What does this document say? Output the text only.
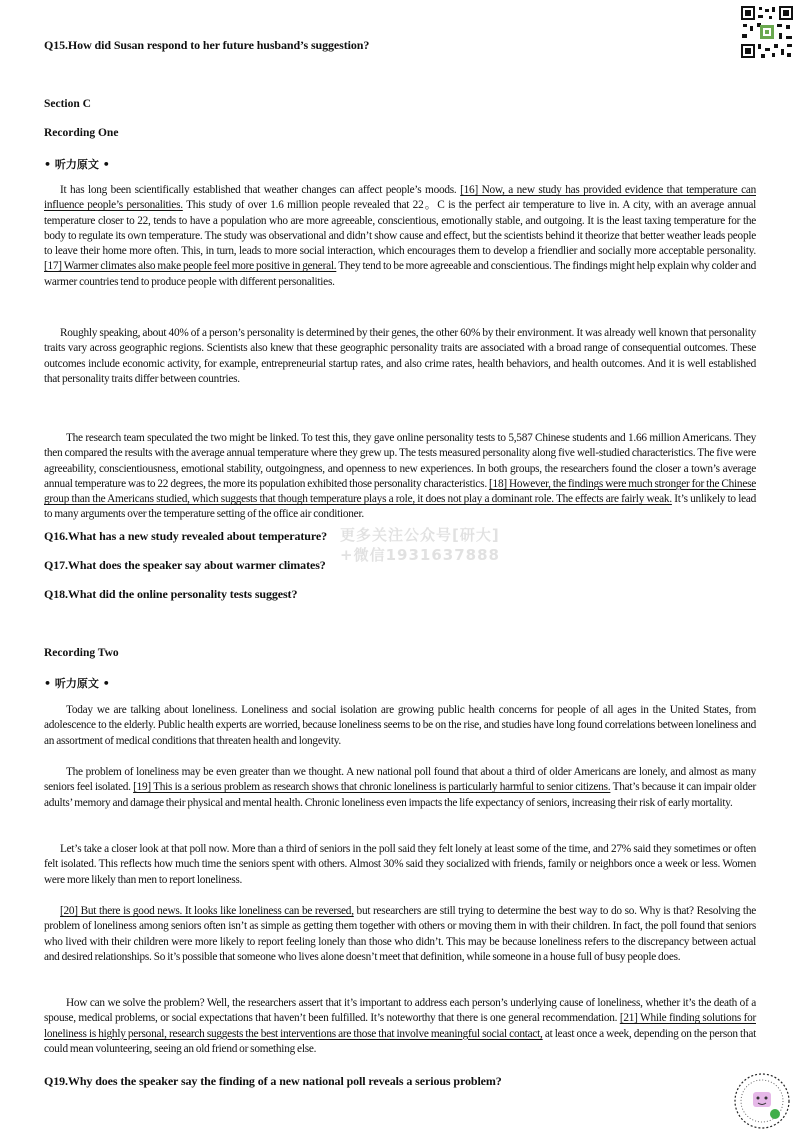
Q15.How did Susan respond to her future husband’s suggestion?
Section C
Recording One
• 听力原文 •
It has long been scientifically established that weather changes can affect people’s moods. [16] Now, a new study has provided evidence that temperature can influence people’s personalities. This study of over 1.6 million people revealed that 22。C is the perfect air temperature to live in. A city, with an average annual temperature closer to 22, tends to have a population who are more agreeable, conscientious, emotionally stable, and outgoing. It is the least taxing temperature for the body to regulate its own temperature. The study was observational and didn’t show cause and effect, but the scientists behind it theorize that better weather leads people to leave their home more often. This, in turn, leads to more social interaction, which encourages them to develop a friendlier and socially more acceptable personality. [17] Warmer climates also make people feel more positive in general. They tend to be more agreeable and conscientious. The findings might help explain why colder and warmer countries tend to produce people with different personalities.
Roughly speaking, about 40% of a person’s personality is determined by their genes, the other 60% by their environment. It was already well known that personality traits vary across geographic regions. Scientists also knew that these geographic personality traits are associated with a broad range of consequential outcomes. These outcomes include economic activity, for example, entrepreneurial startup rates, and also crime rates, health behaviors, and health outcomes. And it is well established that personality traits differ between countries.
The research team speculated the two might be linked. To test this, they gave online personality tests to 5,587 Chinese students and 1.66 million Americans. They then compared the results with the average annual temperature where they grew up. The tests measured personality along five well-studied characteristics. The five were agreeability, conscientiousness, emotional stability, outgoingness, and openness to new experiences. In both groups, the researchers found the closer a town’s average annual temperature was to 22 degrees, the more its population exhibited those personality characteristics. [18] However, the findings were much stronger for the Chinese group than the Americans studied, which suggests that though temperature plays a role, it does not play a dominant role. The effects are fairly weak. It’s unlikely to lead to many arguments over the temperature setting of the office air conditioner.
Q16.What has a new study revealed about temperature?
Q17.What does the speaker say about warmer climates?
Q18.What did the online personality tests suggest?
Recording Two
• 听力原文 •
Today we are talking about loneliness. Loneliness and social isolation are growing public health concerns for people of all ages in the United States, from adolescence to the elderly. Public health experts are worried, because loneliness seems to be on the rise, and studies have long found correlations between loneliness and an assortment of medical conditions that threaten health and longevity.
The problem of loneliness may be even greater than we thought. A new national poll found that about a third of older Americans are lonely, and almost as many seniors feel isolated. [19] This is a serious problem as research shows that chronic loneliness is particularly harmful to senior citizens. That’s because it can impair older adults’ memory and damage their physical and mental health. Chronic loneliness even impacts the life expectancy of seniors, increasing their risk of early mortality.
Let’s take a closer look at that poll now. More than a third of seniors in the poll said they felt lonely at least some of the time, and 27% said they sometimes or often felt isolated. This reflects how much time the seniors spent with others. Almost 30% said they socialized with friends, family or neighbors once a week or less. Women were more likely than men to report loneliness.
[20] But there is good news. It looks like loneliness can be reversed, but researchers are still trying to determine the best way to do so. Why is that? Resolving the problem of loneliness among seniors often isn’t as simple as getting them together with others or moving them in with their children. In fact, the poll found that seniors who lived with their children were more likely to report feeling lonely than those who didn’t. This may be because loneliness refers to the discrepancy between actual and desired relationships. So it’s possible that someone who lives alone doesn’t meet that definition, while someone in a house full of busy people does.
How can we solve the problem? Well, the researchers assert that it’s important to address each person’s underlying cause of loneliness, whether it’s the death of a spouse, medical problems, or social expectations that haven’t been fulfilled. It’s noteworthy that there is one general recommendation. [21] While finding solutions for loneliness is highly personal, research suggests the best interventions are those that involve meaningful social contact, at least once a week, depending on the person that could mean volunteering, seeing an old friend or something else.
Q19.Why does the speaker say the finding of a new national poll reveals a serious problem?
更多关注公众号[研大]
+微信1931637888
